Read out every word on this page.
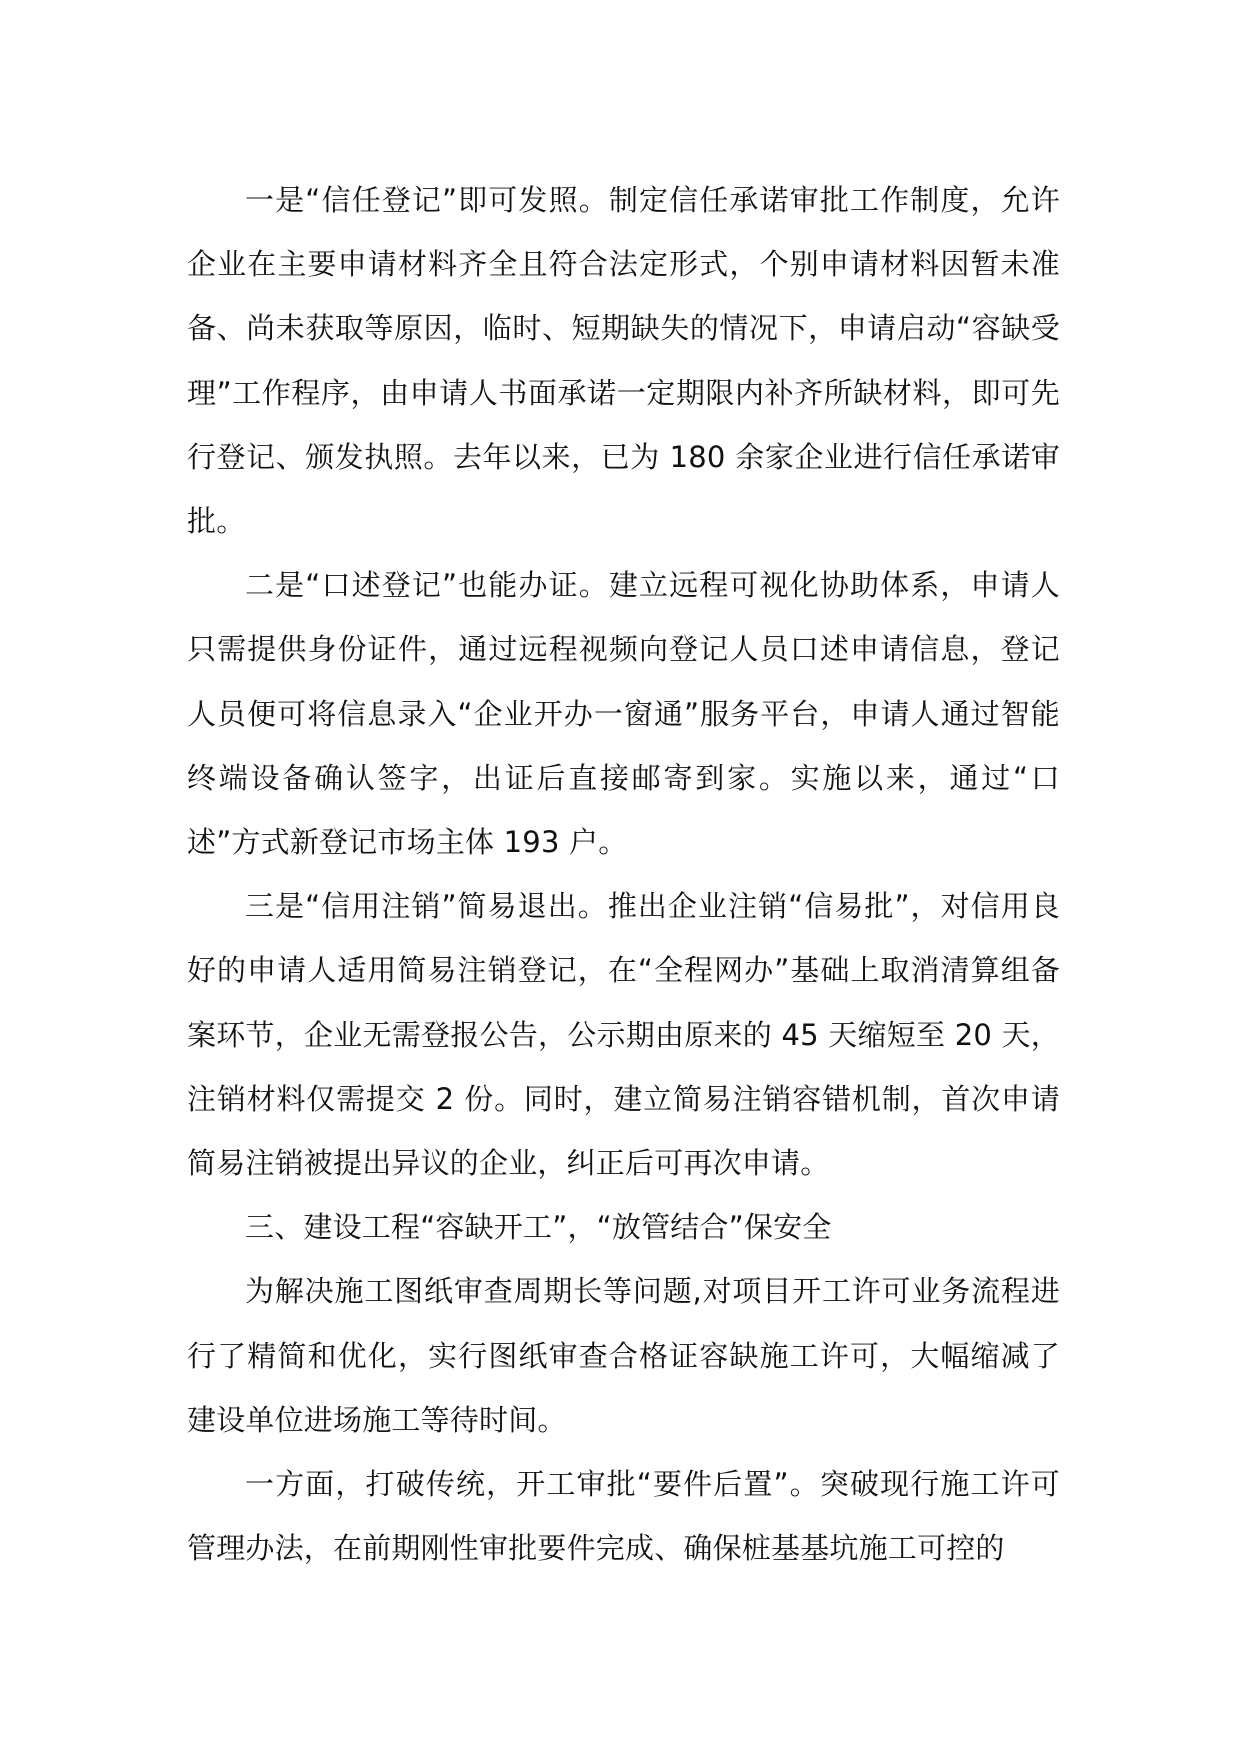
一是“信任登记”即可发照。制定信任承诺审批工作制度，允许企业在主要申请材料齐全且符合法定形式，个别申请材料因暂未准备、尚未获取等原因，临时、短期缺失的情况下，申请启动“容缺受理”工作程序，由申请人书面承诺一定期限内补齐所缺材料，即可先行登记、颁发执照。去年以来，已为 180 余家企业进行信任承诺审批。

二是“口述登记”也能办证。建立远程可视化协助体系，申请人只需提供身份证件，通过远程视频向登记人员口述申请信息，登记人员便可将信息录入“企业开办一窗通”服务平台，申请人通过智能终端设备确认签字，出证后直接邮寄到家。实施以来，通过“口述”方式新登记市场主体 193 户。

三是“信用注销”简易退出。推出企业注销“信易批”，对信用良好的申请人适用简易注销登记，在“全程网办”基础上取消清算组备案环节，企业无需登报公告，公示期由原来的 45 天缩短至 20 天，注销材料仅需提交 2 份。同时，建立简易注销容错机制，首次申请简易注销被提出异议的企业，纠正后可再次申请。

三、建设工程“容缺开工”，“放管结合”保安全

为解决施工图纸审查周期长等问题,对项目开工许可业务流程进行了精简和优化，实行图纸审查合格证容缺施工许可，大幅缩减了建设单位进场施工等待时间。

一方面，打破传统，开工审批“要件后置”。突破现行施工许可管理办法，在前期刚性审批要件完成、确保桩基基坑施工可控的
